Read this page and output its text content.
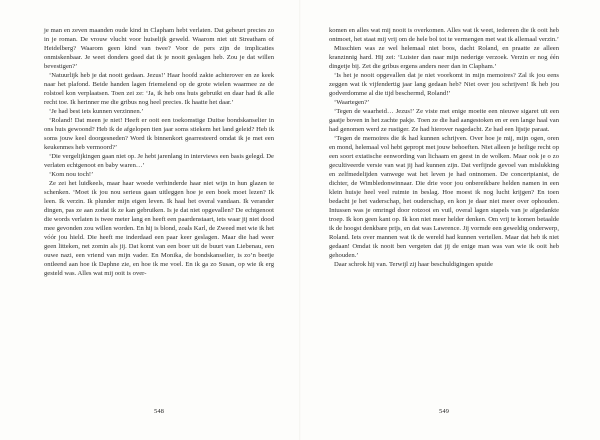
je man en zeven maanden oude kind in Clapham hebt verlaten. Dat gebeurt precies zo in je roman. De vrouw vlucht voor huiselijk geweld. Waarom niet uit Streatham of Heidelberg? Waarom geen kind van twee? Voor de pers zijn de implicaties onmiskenbaar. Je weet donders goed dat ik je nooit geslagen heb. Zou je dat willen bevestigen?’

‘Natuurlijk heb je dat nooit gedaan. Jezus!’ Haar hoofd zakte achterover en ze keek naar het plafond. Beide handen lagen friemelend op de grote wielen waarmee ze de rolstoel kon verplaatsen. Toen zei ze: ‘Ja, ik heb ons huis gebruikt en daar had ik alle recht toe. Ik herinner me die gribus nog heel precies. Ik haatte het daar.’

‘Je had best iets kunnen verzinnen.’

‘Roland! Dat meen je niet! Heeft er ooit een toekomstige Duitse bondskanselier in ons huis gewoond? Heb ik de afgelopen tien jaar soms stiekem het land geleid? Heb ik soms jouw keel doorgesneden? Word ik binnenkort gearresteerd omdat ik je met een keukenmes heb vermoord?’

‘Die vergelijkingen gaan niet op. Je hebt jarenlang in interviews een basis gelegd. De verlaten echtgenoot en baby waren…’

‘Kom nou toch!’

Ze zei het luidkeels, maar haar woede verhinderde haar niet wijn in hun glazen te schenken. ‘Moet ik jou nou serieus gaan uitleggen hoe je een boek moet lezen? Ik leen. Ik verzin. Ik plunder mijn eigen leven. Ik haal het overal vandaan. Ik verander dingen, pas ze aan zodat ik ze kan gebruiken. Is je dat niet opgevallen? De echtgenoot die words verlaten is twee meter lang en heeft een paardenstaart, iets waar jij niet dood mee gevonden zou willen worden. En hij is blond, zoals Karl, de Zweed met wie ik het vóór jou hield. Die heeft me inderdaad een paar keer geslagen. Maar die had weer geen litteken, net zomin als jij. Dat komt van een boer uit de buurt van Liebenau, een ouwe nazi, een vriend van mijn vader. En Monika, de bondskanselier, is zo’n beetje ontleend aan hoe ik Daphne zie, en hoe ik me voel. En ik ga zo Susan, op wie ik erg gesteld was. Alles wat mij ooit is over-

komen en alles wat mij nooit is overkomen. Alles wat ik weet, iedereen die ik ooit heb ontmoet, het staat mij vrij om de hele bol tot te vermengen met wat ik allemaal verzin.’

Misschien was ze wel helemaal niet boos, dacht Roland, en praatte ze alleen kranzinnig hard. Hij zei: ‘Luister dan naar mijn nederige verzoek. Verzin er nog één dingetje bij. Zet die gribus ergens anders neer dan in Clapham.’

‘Is het je nooit opgevallen dat je niet voorkomt in mijn memoires? Zal ik jou eens zeggen wat ik vijfendertig jaar lang gedaan heb? Niet over jou schrijven! Ik heb jou godverdomme al die tijd beschermd, Roland!’

‘Waartegen?’

‘Tegen de waarheid… Jezus!’ Ze viste met enige moeite een nieuwe sigaret uit een gaatje boven in het zachte pakje. Toen ze die had aangestoken en er een lange haal van had genomen werd ze rustiger. Ze had hierover nagedacht. Ze had een lijstje paraat.

‘Tegen de memoires die ik had kunnen schrijven. Over hoe je mij, mijn ogen, oren en mond, helemaal vol hebt gepropt met jouw behoeften. Niet alleen je heilige recht op een soort extatische eenwording van lichaam en geest in de wolken. Maar ook je o zo gecultiveerde versie van wat jij had kunnen zijn. Dat verfijnde gevoel van mislukking en zelfmedelijden vanwege wat het leven je had ontnomen. De concertpianist, de dichter, de Wimbledonwinnaar. Die drie voor jou onbereikbare helden namen in een klein huisje heel veel ruimte in beslag. Hoe moest ik nog lucht krijgen? En toen bedacht je het vaderschap, het ouderschap, en kon je daar niet meer over ophouden. Intussen was je omringd door rotzooi en vuil, overal lagen stapels van je afgedankte troep. Ik kon geen kant op. Ik kon niet meer helder denken. Om vrij te komen betaalde ik de hoogst denkbare prijs, en dat was Lawrence. Jij vormde een geweldig onderwerp, Roland. Iets over mannen wat ik de wereld had kunnen vertellen. Maar dat heb ik niet gedaan! Omdat ik nooit ben vergeten dat jij de enige man was van wie ik ooit heb gehouden.’

Daar schrok hij van. Terwijl zij haar beschuldigingen spuide

548	549
